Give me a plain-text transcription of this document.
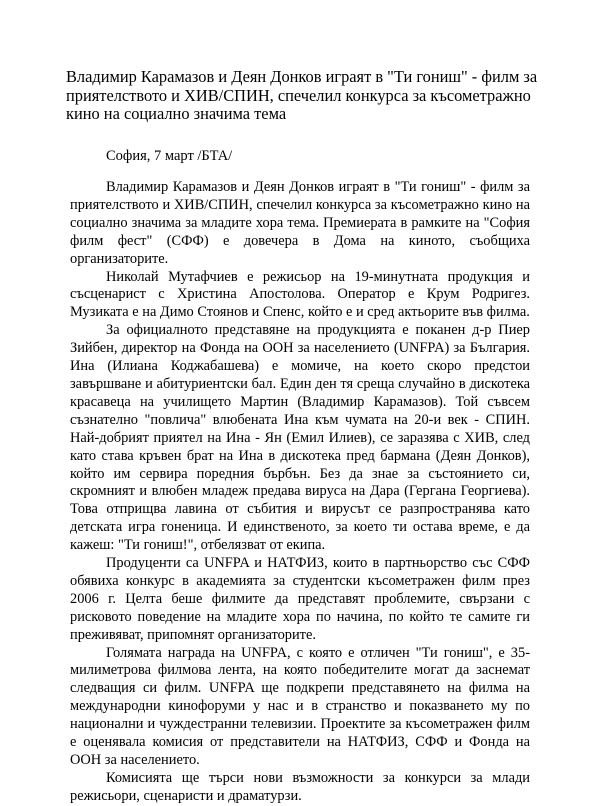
Владимир Карамазов и Деян Донков играят в "Ти гониш" - филм за приятелството и ХИВ/СПИН, спечелил конкурса за късометражно кино на социално значима тема

София, 7 март /БТА/

Владимир Карамазов и Деян Донков играят в "Ти гониш" - филм за приятелството и ХИВ/СПИН, спечелил конкурса за късометражно кино на социално значима за младите хора тема. Премиерата в рамките на "София филм фест" (СФФ) е довечера в Дома на киното, съобщиха организаторите.

Николай Мутафчиев е режисьор на 19-минутната продукция и съсценарист с Христина Апостолова. Оператор е Крум Родригез. Музиката е на Димо Стоянов и Спенс, който е и сред актьорите във филма.

За официалното представяне на продукцията е поканен д-р Пиер Зийбен, директор на Фонда на ООН за населението (UNFPA) за България. Ина (Илиана Коджабашева) е момиче, на което скоро предстои завършване и абитуриентски бал. Един ден тя среща случайно в дискотека красавеца на училището Мартин (Владимир Карамазов). Той съвсем съзнателно "повлича" влюбената Ина към чумата на 20-и век - СПИН. Най-добрият приятел на Ина - Ян (Емил Илиев), се заразява с ХИВ, след като става кръвен брат на Ина в дискотека пред бармана (Деян Донков), който им сервира поредния бърбън. Без да знае за състоянието си, скромният и влюбен младеж предава вируса на Дара (Гергана Георгиева). Това отприщва лавина от събития и вирусът се разпространява като детската игра гоненица. И единственото, за което ти остава време, е да кажеш: "Ти гониш!", отбелязват от екипа.

Продуценти са UNFPA и НАТФИЗ, които в партньорство със СФФ обявиха конкурс в академията за студентски късометражен филм през 2006 г. Целта беше филмите да представят проблемите, свързани с рисковото поведение на младите хора по начина, по който те самите ги преживяват, припомнят организаторите.

Голямата награда на UNFPA, с която е отличен "Ти гониш", е 35-милиметрова филмова лента, на която победителите могат да заснемат следващия си филм. UNFPA ще подкрепи представянето на филма на международни кинофоруми у нас и в странство и показването му по национални и чуждестранни телевизии. Проектите за късометражен филм е оценявала комисия от представители на НАТФИЗ, СФФ и Фонда на ООН за населението.

Комисията ще търси нови възможности за конкурси за млади режисьори, сценаристи и драматурзи.
